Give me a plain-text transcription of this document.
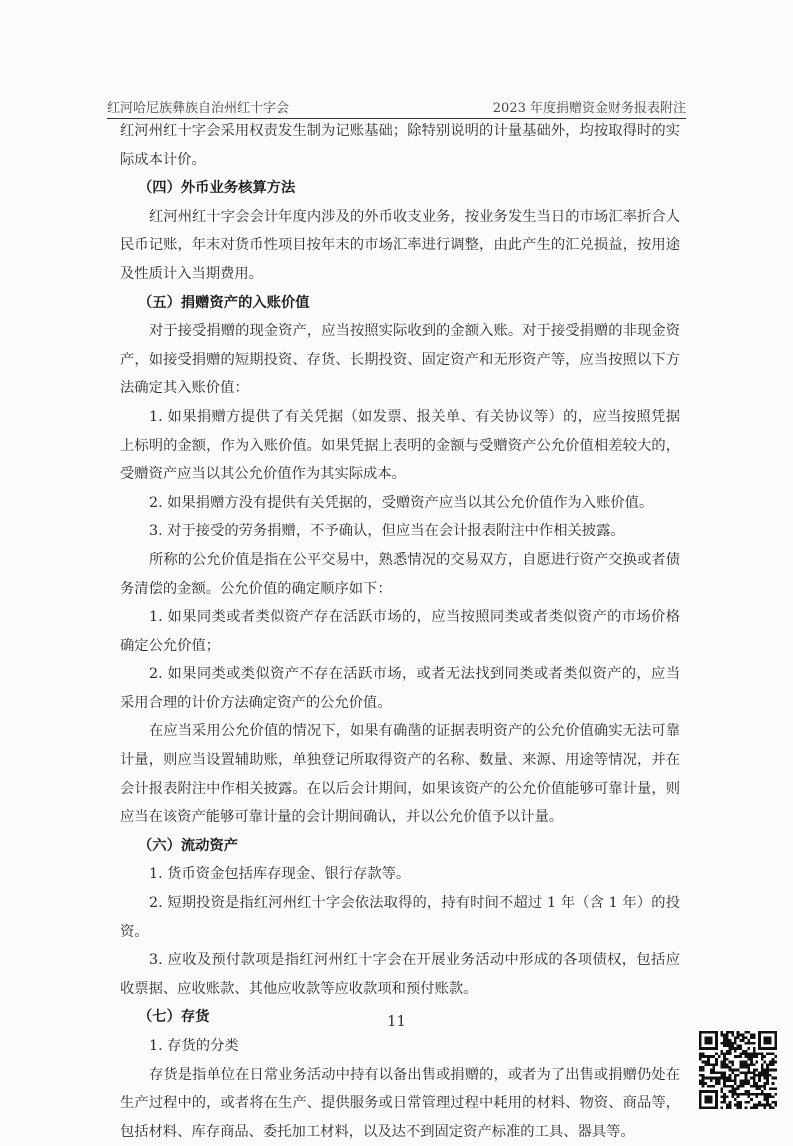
红河哈尼族彝族自治州红十字会	2023 年度捐赠资金财务报表附注

红河州红十字会采用权责发生制为记账基础；除特别说明的计量基础外，均按取得时的实际成本计价。

（四）外币业务核算方法

红河州红十字会会计年度内涉及的外币收支业务，按业务发生当日的市场汇率折合人民币记账，年末对货币性项目按年末的市场汇率进行调整，由此产生的汇兑损益，按用途及性质计入当期费用。

（五）捐赠资产的入账价值

对于接受捐赠的现金资产，应当按照实际收到的金额入账。对于接受捐赠的非现金资产，如接受捐赠的短期投资、存货、长期投资、固定资产和无形资产等，应当按照以下方法确定其入账价值：

1. 如果捐赠方提供了有关凭据（如发票、报关单、有关协议等）的，应当按照凭据上标明的金额，作为入账价值。如果凭据上表明的金额与受赠资产公允价值相差较大的，受赠资产应当以其公允价值作为其实际成本。

2. 如果捐赠方没有提供有关凭据的，受赠资产应当以其公允价值作为入账价值。

3. 对于接受的劳务捐赠，不予确认，但应当在会计报表附注中作相关披露。

所称的公允价值是指在公平交易中，熟悉情况的交易双方，自愿进行资产交换或者债务清偿的金额。公允价值的确定顺序如下：

1. 如果同类或者类似资产存在活跃市场的，应当按照同类或者类似资产的市场价格确定公允价值；

2. 如果同类或类似资产不存在活跃市场，或者无法找到同类或者类似资产的，应当采用合理的计价方法确定资产的公允价值。

在应当采用公允价值的情况下，如果有确凿的证据表明资产的公允价值确实无法可靠计量，则应当设置辅助账，单独登记所取得资产的名称、数量、来源、用途等情况，并在会计报表附注中作相关披露。在以后会计期间，如果该资产的公允价值能够可靠计量，则应当在该资产能够可靠计量的会计期间确认，并以公允价值予以计量。

（六）流动资产

1. 货币资金包括库存现金、银行存款等。

2. 短期投资是指红河州红十字会依法取得的，持有时间不超过 1 年（含 1 年）的投资。

3. 应收及预付款项是指红河州红十字会在开展业务活动中形成的各项债权，包括应收票据、应收账款、其他应收款等应收款项和预付账款。

（七）存货

1. 存货的分类

存货是指单位在日常业务活动中持有以备出售或捐赠的，或者为了出售或捐赠仍处在生产过程中的，或者将在生产、提供服务或日常管理过程中耗用的材料、物资、商品等，包括材料、库存商品、委托加工材料，以及达不到固定资产标准的工具、器具等。

11
